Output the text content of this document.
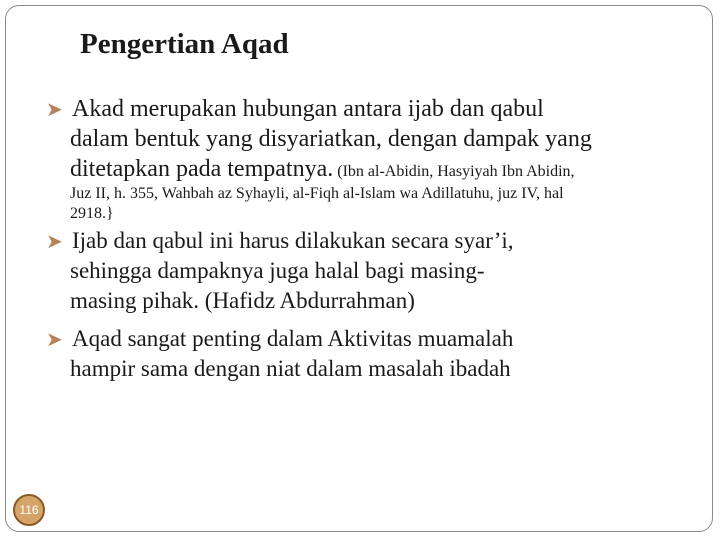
Pengertian Aqad
➤ Akad merupakan hubungan antara ijab dan qabul
dalam bentuk yang disyariatkan, dengan dampak yang
ditetapkan pada tempatnya. (Ibn al-Abidin, Hasyiyah Ibn Abidin,
Juz II, h. 355, Wahbah az Syhayli, al-Fiqh al-Islam wa Adillatuhu, juz IV, hal
2918.}
➤ Ijab dan qabul ini harus dilakukan secara syar’i,
sehingga dampaknya juga halal bagi masing-
masing pihak. (Hafidz Abdurrahman)
➤ Aqad sangat penting dalam Aktivitas muamalah
hampir sama dengan niat dalam masalah ibadah
116
